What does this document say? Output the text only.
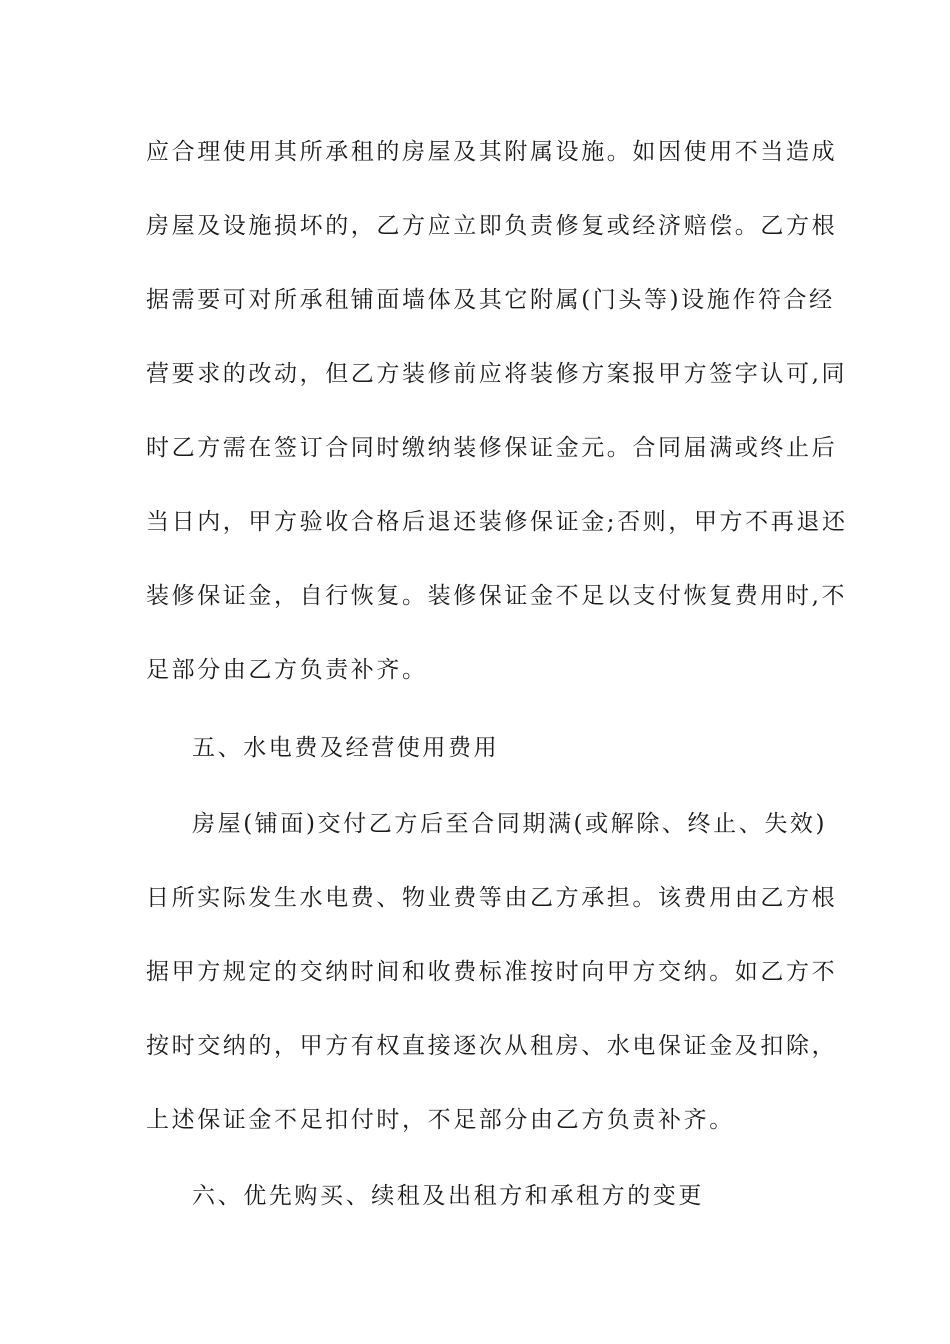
应合理使用其所承租的房屋及其附属设施。如因使用不当造成
房屋及设施损坏的，乙方应立即负责修复或经济赔偿。乙方根
据需要可对所承租铺面墙体及其它附属(门头等)设施作符合经
营要求的改动，但乙方装修前应将装修方案报甲方签字认可,同
时乙方需在签订合同时缴纳装修保证金元。合同届满或终止后
当日内，甲方验收合格后退还装修保证金;否则，甲方不再退还
装修保证金，自行恢复。装修保证金不足以支付恢复费用时,不
足部分由乙方负责补齐。
五、水电费及经营使用费用
房屋(铺面)交付乙方后至合同期满(或解除、终止、失效)
日所实际发生水电费、物业费等由乙方承担。该费用由乙方根
据甲方规定的交纳时间和收费标准按时向甲方交纳。如乙方不
按时交纳的，甲方有权直接逐次从租房、水电保证金及扣除，
上述保证金不足扣付时，不足部分由乙方负责补齐。
六、优先购买、续租及出租方和承租方的变更
